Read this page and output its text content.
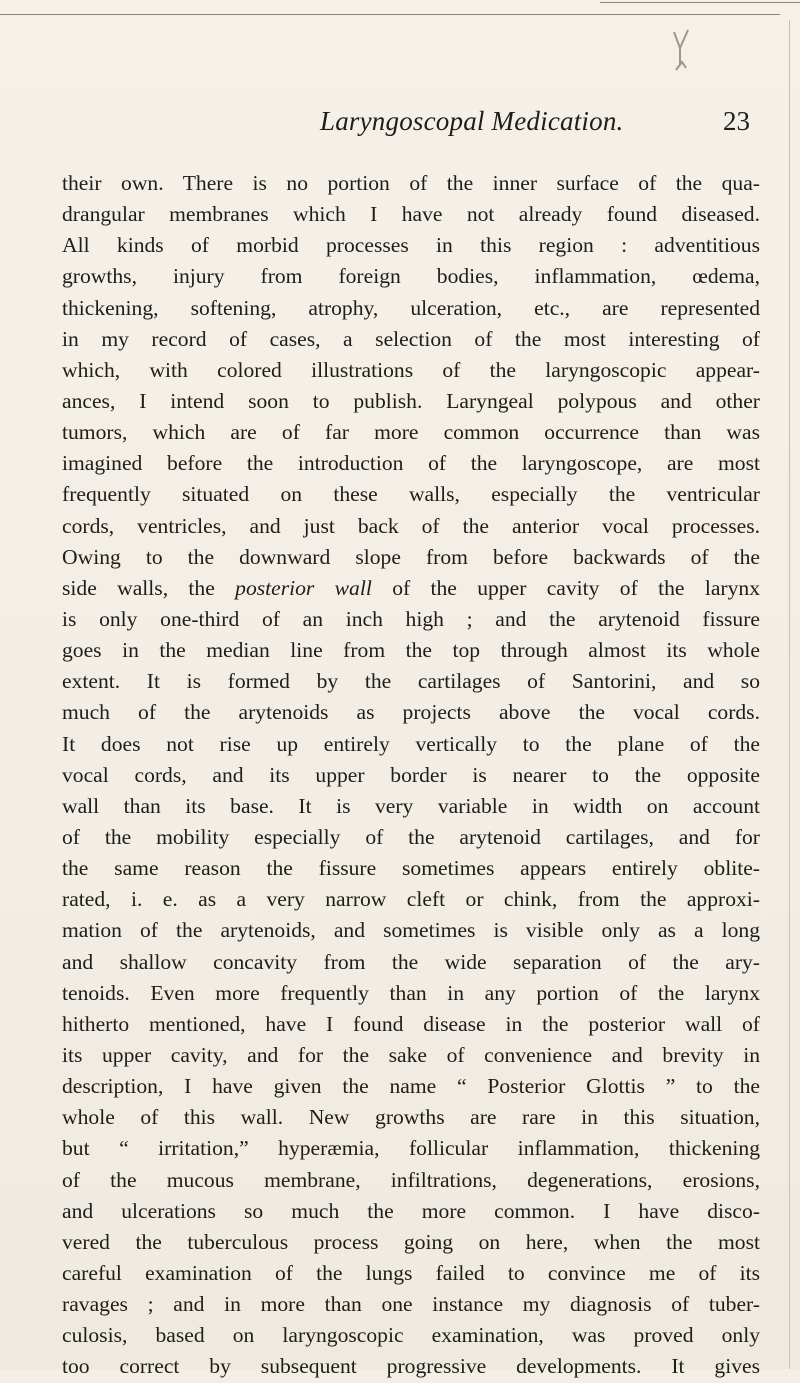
Laryngoscopal Medication.	23
their own. There is no portion of the inner surface of the qua-
drangular membranes which I have not already found diseased.
All kinds of morbid processes in this region : adventitious
growths, injury from foreign bodies, inflammation, œdema,
thickening, softening, atrophy, ulceration, etc., are represented
in my record of cases, a selection of the most interesting of
which, with colored illustrations of the laryngoscopic appear-
ances, I intend soon to publish. Laryngeal polypous and other
tumors, which are of far more common occurrence than was
imagined before the introduction of the laryngoscope, are most
frequently situated on these walls, especially the ventricular
cords, ventricles, and just back of the anterior vocal processes.
Owing to the downward slope from before backwards of the
side walls, the posterior wall of the upper cavity of the larynx
is only one-third of an inch high ; and the arytenoid fissure
goes in the median line from the top through almost its whole
extent. It is formed by the cartilages of Santorini, and so
much of the arytenoids as projects above the vocal cords.
It does not rise up entirely vertically to the plane of the
vocal cords, and its upper border is nearer to the opposite
wall than its base. It is very variable in width on account
of the mobility especially of the arytenoid cartilages, and for
the same reason the fissure sometimes appears entirely oblite-
rated, i. e. as a very narrow cleft or chink, from the approxi-
mation of the arytenoids, and sometimes is visible only as a long
and shallow concavity from the wide separation of the ary-
tenoids. Even more frequently than in any portion of the larynx
hitherto mentioned, have I found disease in the posterior wall of
its upper cavity, and for the sake of convenience and brevity in
description, I have given the name “ Posterior Glottis ” to the
whole of this wall. New growths are rare in this situation,
but “ irritation,” hyperæmia, follicular inflammation, thickening
of the mucous membrane, infiltrations, degenerations, erosions,
and ulcerations so much the more common. I have disco-
vered the tuberculous process going on here, when the most
careful examination of the lungs failed to convince me of its
ravages ; and in more than one instance my diagnosis of tuber-
culosis, based on laryngoscopic examination, was proved only
too correct by subsequent progressive developments. It gives
